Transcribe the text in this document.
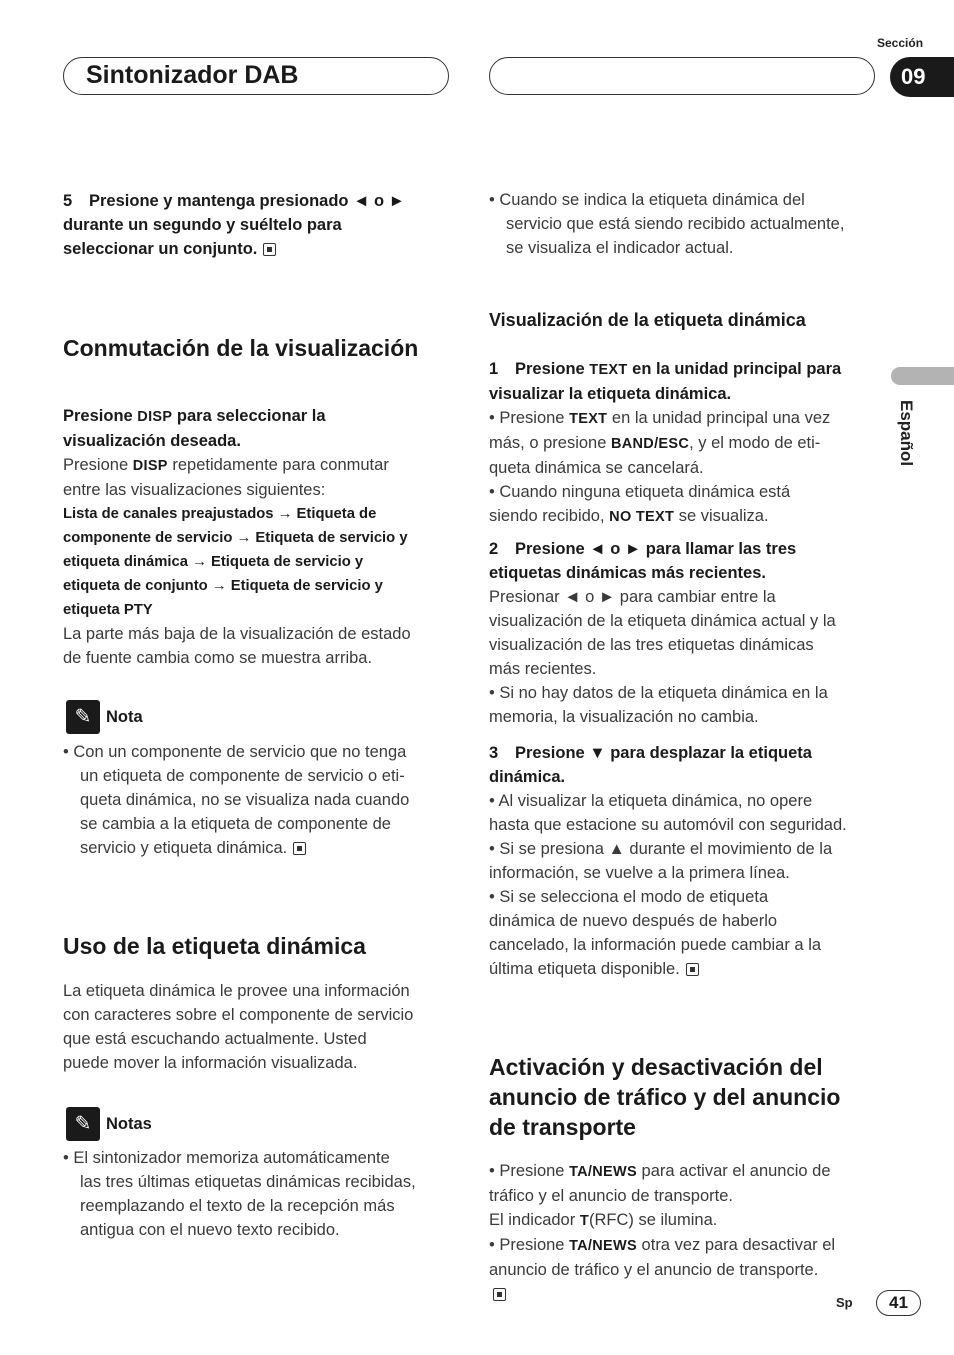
Sintonizador DAB
Sección
09
Español

5 Presione y mantenga presionado ◄ o ►
durante un segundo y suéltelo para
seleccionar un conjunto.

Conmutación de la visualización

Presione DISP para seleccionar la
visualización deseada.

Presione DISP repetidamente para conmutar
entre las visualizaciones siguientes:

Lista de canales preajustados → Etiqueta de
componente de servicio → Etiqueta de servicio y
etiqueta dinámica → Etiqueta de servicio y
etiqueta de conjunto → Etiqueta de servicio y
etiqueta PTY

La parte más baja de la visualización de estado
de fuente cambia como se muestra arriba.

✎ Nota

• Con un componente de servicio que no tenga

un etiqueta de componente de servicio o eti-

queta dinámica, no se visualiza nada cuando

se cambia a la etiqueta de componente de

servicio y etiqueta dinámica.

Uso de la etiqueta dinámica

La etiqueta dinámica le provee una información

con caracteres sobre el componente de servicio

que está escuchando actualmente. Usted

puede mover la información visualizada.

✎ Notas

• El sintonizador memoriza automáticamente

las tres últimas etiquetas dinámicas recibidas,

reemplazando el texto de la recepción más

antigua con el nuevo texto recibido.

• Cuando se indica la etiqueta dinámica del

servicio que está siendo recibido actualmente,

se visualiza el indicador actual.

Visualización de la etiqueta dinámica

1 Presione TEXT en la unidad principal para
visualizar la etiqueta dinámica.

• Presione TEXT en la unidad principal una vez
más, o presione BAND/ESC, y el modo de eti-
queta dinámica se cancelará.

• Cuando ninguna etiqueta dinámica está
siendo recibido, NO TEXT se visualiza.

2 Presione ◄ o ► para llamar las tres
etiquetas dinámicas más recientes.

Presionar ◄ o ► para cambiar entre la

visualización de la etiqueta dinámica actual y la

visualización de las tres etiquetas dinámicas

más recientes.

• Si no hay datos de la etiqueta dinámica en la

memoria, la visualización no cambia.

3 Presione ▼ para desplazar la etiqueta
dinámica.

• Al visualizar la etiqueta dinámica, no opere

hasta que estacione su automóvil con seguridad.

• Si se presiona ▲ durante el movimiento de la

información, se vuelve a la primera línea.

• Si se selecciona el modo de etiqueta

dinámica de nuevo después de haberlo

cancelado, la información puede cambiar a la

última etiqueta disponible.

Activación y desactivación del
anuncio de tráfico y del anuncio
de transporte

• Presione TA/NEWS para activar el anuncio de

tráfico y el anuncio de transporte.

El indicador T(RFC) se ilumina.

• Presione TA/NEWS otra vez para desactivar el

anuncio de tráfico y el anuncio de transporte.

Sp	41
